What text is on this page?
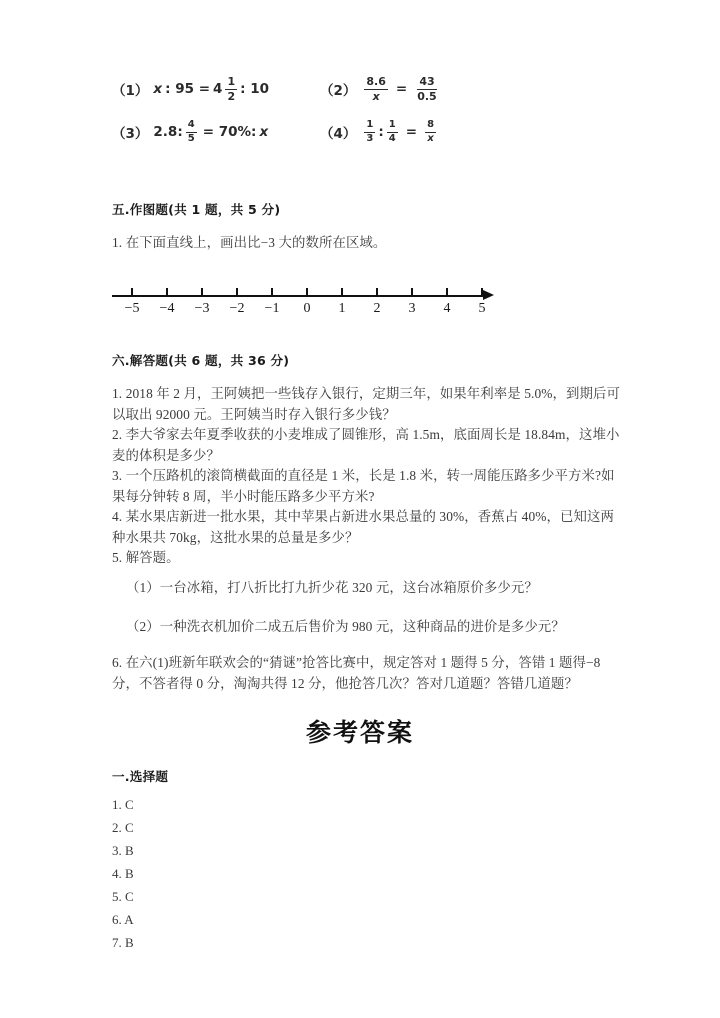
（1） x : $95 = 4 \frac{1}{2}$ : 10	$(2) \frac{8.6}{x} = \frac{43}{0.5}$
（3） 2.8: $\frac{4}{5} = 70\%$: x	$(4) \frac{1}{3}$ : $\frac{1}{4} = \frac{8}{x}$
五.作图题(共 1 题，共 5 分)
1. 在下面直线上，画出比−3 大的数所在区域。
−5 −4 −3 −2 −1 0 1 2 3 4 5
六.解答题(共 6 题，共 36 分)
1. 2018 年 2 月，王阿姨把一些钱存入银行，定期三年，如果年利率是 5.0%，到期后可以取出 92000 元。王阿姨当时存入银行多少钱？
2. 李大爷家去年夏季收获的小麦堆成了圆锥形，高 1.5m，底面周长是 18.84m，这堆小麦的体积是多少？
3. 一个压路机的滚筒横截面的直径是 1 米，长是 1.8 米，转一周能压路多少平方米?如果每分钟转 8 周，半小时能压路多少平方米?
4. 某水果店新进一批水果，其中苹果占新进水果总量的 30%，香蕉占 40%，已知这两种水果共 70kg，这批水果的总量是多少？
5. 解答题。
（1）一台冰箱，打八折比打九折少花 320 元，这台冰箱原价多少元？
（2）一种洗衣机加价二成五后售价为 980 元，这种商品的进价是多少元？
6. 在六(1)班新年联欢会的“猜谜”抢答比赛中，规定答对 1 题得 5 分，答错 1 题得−8 分，不答者得 0 分，淘淘共得 12 分，他抢答几次？答对几道题？答错几道题？
参考答案
一.选择题
1. C
2. C
3. B
4. B
5. C
6. A
7. B
